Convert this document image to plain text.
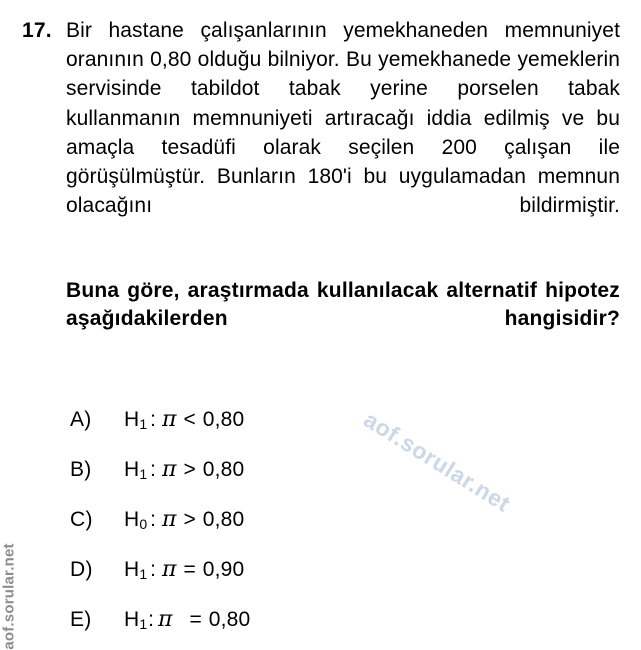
17. Bir hastane çalışanlarının yemekhaneden memnuniyet oranının 0,80 olduğu bilniyor. Bu yemekhanede yemeklerin servisinde tabildot tabak yerine porselen tabak kullanmanın memnuniyeti artıracağı iddia edilmiş ve bu amaçla tesadüfi olarak seçilen 200 çalışan ile görüşülmüştür. Bunların 180'i bu uygulamadan memnun olacağını bildirmiştir.

Buna göre, araştırmada kullanılacak alternatif hipotez aşağıdakilerden hangisidir?
A) $H_1$ : π < 0,80
B) $H_1$ : π > 0,80
C) $H_0$ : π > 0,80
D) $H_1$ : π = 0,90
E) $H_1$ : π = 0,80
aof.sorular.net
aof.sorular.net
